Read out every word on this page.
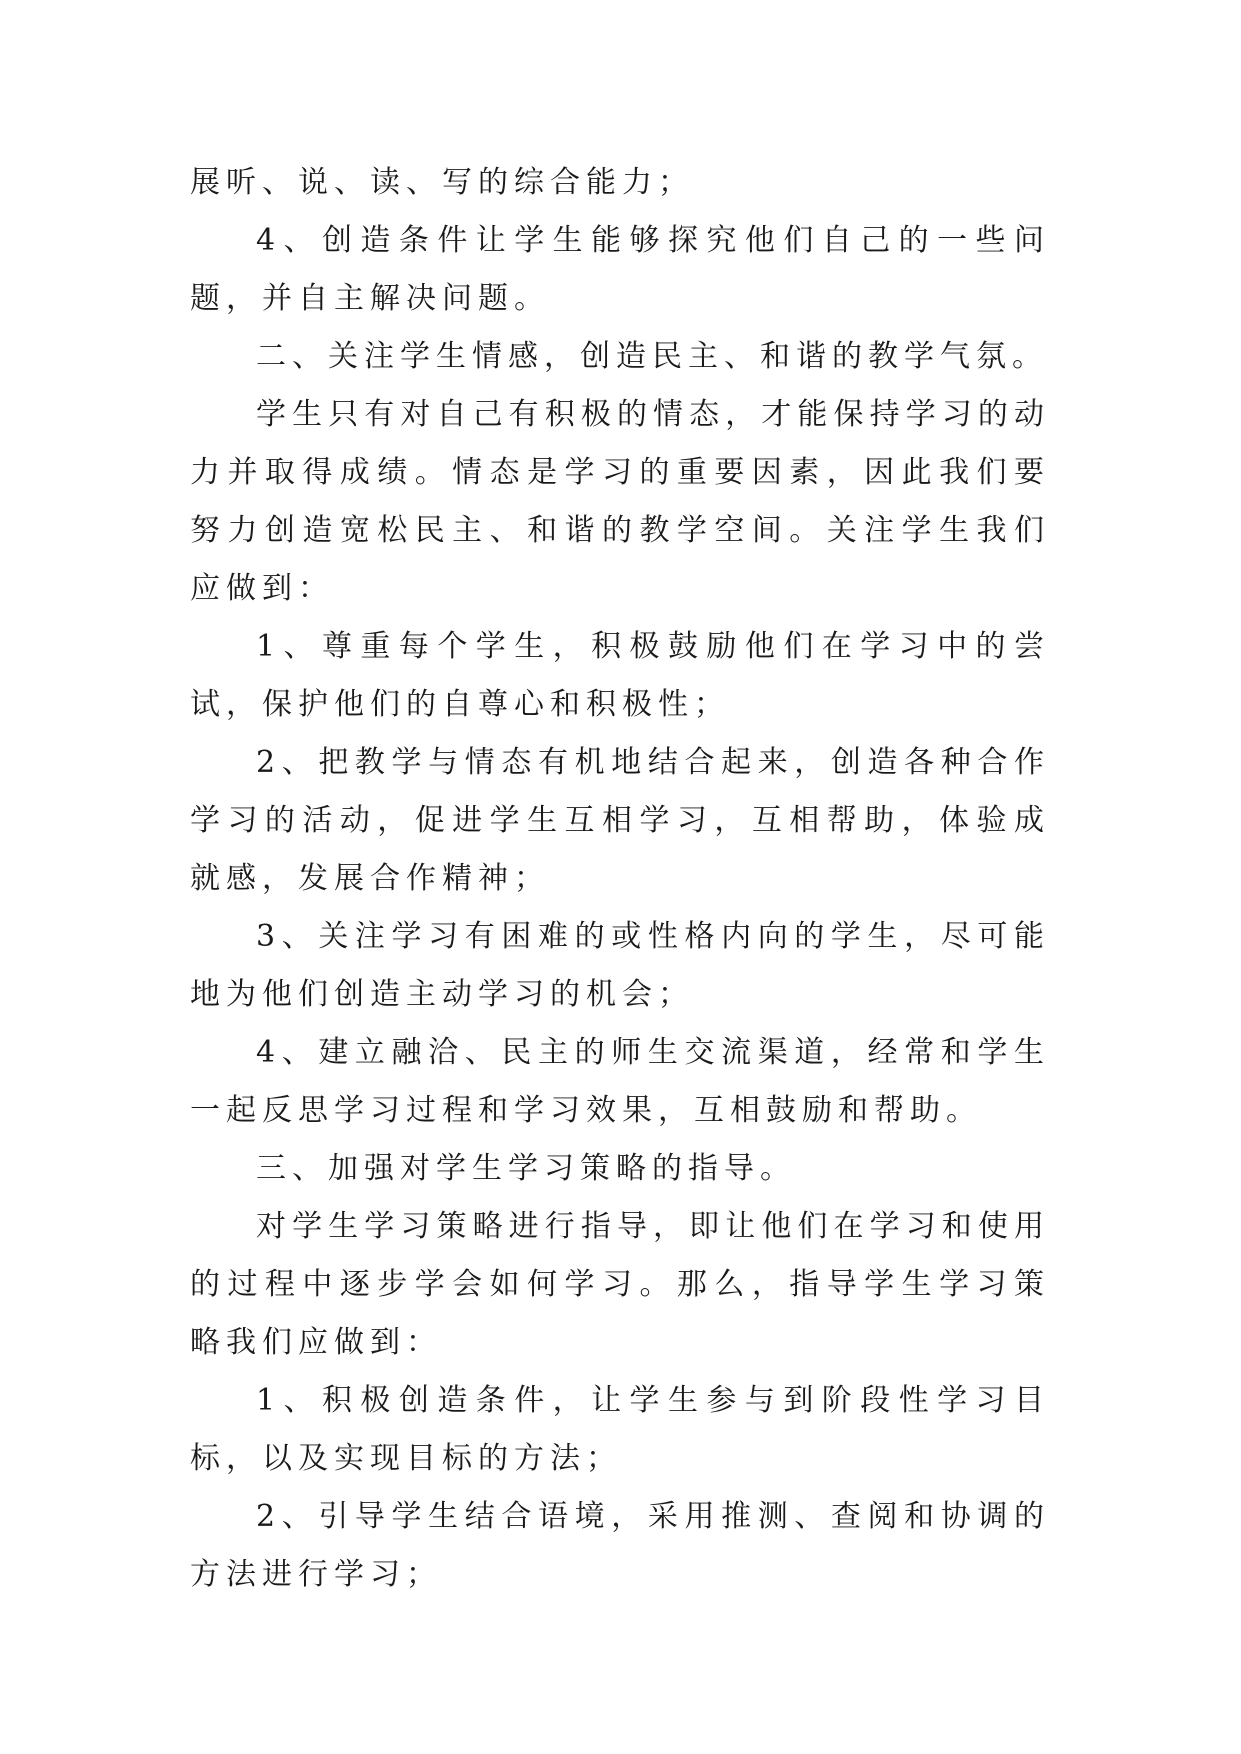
展听、说、读、写的综合能力；

4、创造条件让学生能够探究他们自己的一些问题，并自主解决问题。

二、关注学生情感，创造民主、和谐的教学气氛。

学生只有对自己有积极的情态，才能保持学习的动力并取得成绩。情态是学习的重要因素，因此我们要努力创造宽松民主、和谐的教学空间。关注学生我们应做到：

1、尊重每个学生，积极鼓励他们在学习中的尝试，保护他们的自尊心和积极性；

2、把教学与情态有机地结合起来，创造各种合作学习的活动，促进学生互相学习，互相帮助，体验成就感，发展合作精神；

3、关注学习有困难的或性格内向的学生，尽可能地为他们创造主动学习的机会；

4、建立融洽、民主的师生交流渠道，经常和学生一起反思学习过程和学习效果，互相鼓励和帮助。

三、加强对学生学习策略的指导。

对学生学习策略进行指导，即让他们在学习和使用的过程中逐步学会如何学习。那么，指导学生学习策略我们应做到：

1、积极创造条件，让学生参与到阶段性学习目标，以及实现目标的方法；

2、引导学生结合语境，采用推测、查阅和协调的方法进行学习；
